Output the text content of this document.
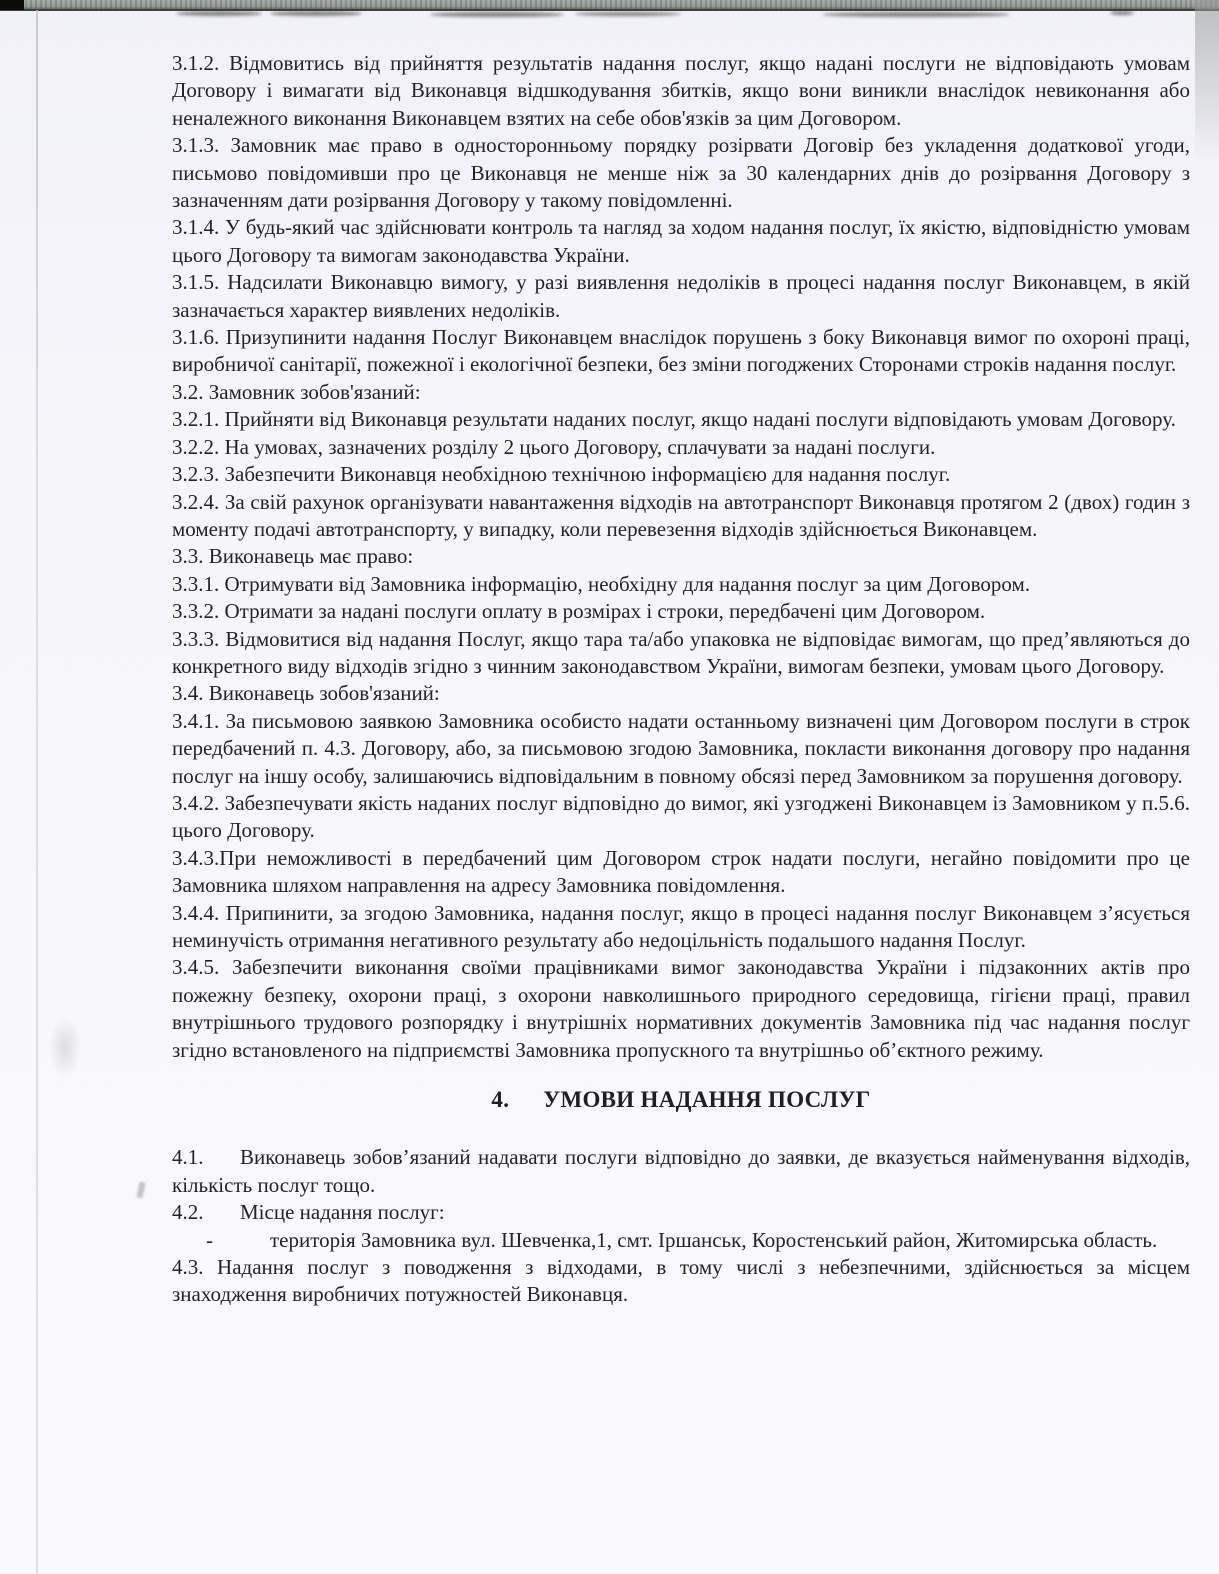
3.1.2. Відмовитись від прийняття результатів надання послуг, якщо надані послуги не відповідають умовам Договору і вимагати від Виконавця відшкодування збитків, якщо вони виникли внаслідок невиконання або неналежного виконання Виконавцем взятих на себе обов'язків за цим Договором.

3.1.3. Замовник має право в односторонньому порядку розірвати Договір без укладення додаткової угоди, письмово повідомивши про це Виконавця не менше ніж за 30 календарних днів до розірвання Договору з зазначенням дати розірвання Договору у такому повідомленні.

3.1.4. У будь-який час здійснювати контроль та нагляд за ходом надання послуг, їх якістю, відповідністю умовам цього Договору та вимогам законодавства України.

3.1.5. Надсилати Виконавцю вимогу, у разі виявлення недоліків в процесі надання послуг Виконавцем, в якій зазначається характер виявлених недоліків.

3.1.6. Призупинити надання Послуг Виконавцем внаслідок порушень з боку Виконавця вимог по охороні праці, виробничої санітарії, пожежної і екологічної безпеки, без зміни погоджених Сторонами строків надання послуг.

3.2. Замовник зобов'язаний:

3.2.1. Прийняти від Виконавця результати наданих послуг, якщо надані послуги відповідають умовам Договору.

3.2.2. На умовах, зазначених розділу 2 цього Договору, сплачувати за надані послуги.

3.2.3. Забезпечити Виконавця необхідною технічною інформацією для надання послуг.

3.2.4. За свій рахунок організувати навантаження відходів на автотранспорт Виконавця протягом 2 (двох) годин з моменту подачі автотранспорту, у випадку, коли перевезення відходів здійснюється Виконавцем.

3.3. Виконавець має право:

3.3.1. Отримувати від Замовника інформацію, необхідну для надання послуг за цим Договором.

3.3.2. Отримати за надані послуги оплату в розмірах і строки, передбачені цим Договором.

3.3.3. Відмовитися від надання Послуг, якщо тара та/або упаковка не відповідає вимогам, що пред’являються до конкретного виду відходів згідно з чинним законодавством України, вимогам безпеки, умовам цього Договору.

3.4. Виконавець зобов'язаний:

3.4.1. За письмовою заявкою Замовника особисто надати останньому визначені цим Договором послуги в строк передбачений п. 4.3. Договору, або, за письмовою згодою Замовника, покласти виконання договору про надання послуг на іншу особу, залишаючись відповідальним в повному обсязі перед Замовником за порушення договору.

3.4.2. Забезпечувати якість наданих послуг відповідно до вимог, які узгоджені Виконавцем із Замовником у п.5.6. цього Договору.

3.4.3.При неможливості в передбачений цим Договором строк надати послуги, негайно повідомити про це Замовника шляхом направлення на адресу Замовника повідомлення.

3.4.4. Припинити, за згодою Замовника, надання послуг, якщо в процесі надання послуг Виконавцем з’ясується неминучість отримання негативного результату або недоцільність подальшого надання Послуг.

3.4.5. Забезпечити виконання своїми працівниками вимог законодавства України і підзаконних актів про пожежну безпеку, охорони праці, з охорони навколишнього природного середовища, гігієни праці, правил внутрішнього трудового розпорядку і внутрішніх нормативних документів Замовника під час надання послуг згідно встановленого на підприємстві Замовника пропускного та внутрішньо об’єктного режиму.

4. УМОВИ НАДАННЯ ПОСЛУГ

4.1. Виконавець зобов’язаний надавати послуги відповідно до заявки, де вказується найменування відходів, кількість послуг тощо.

4.2. Місце надання послуг:

-	територія Замовника вул. Шевченка,1, смт. Іршанськ, Коростенський район, Житомирська область.

4.3. Надання послуг з поводження з відходами, в тому числі з небезпечними, здійснюється за місцем знаходження виробничих потужностей Виконавця.
